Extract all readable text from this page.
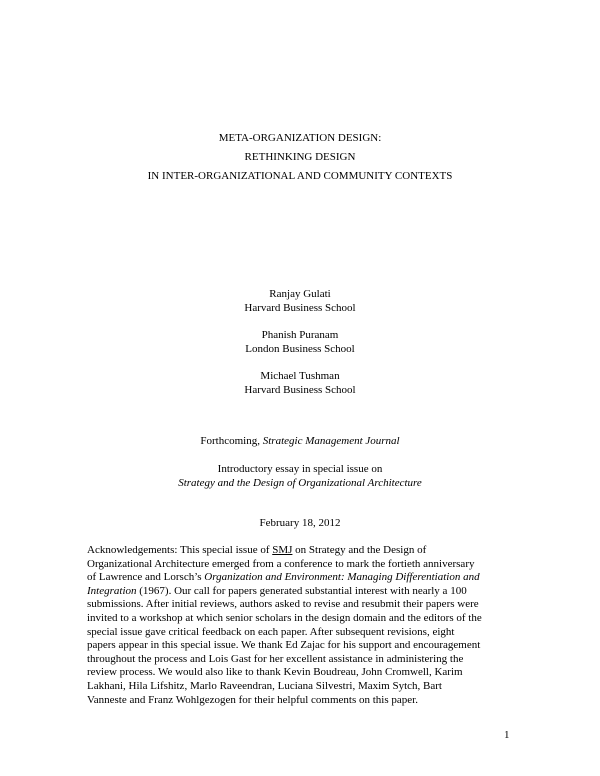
META-ORGANIZATION DESIGN:
RETHINKING DESIGN
IN INTER-ORGANIZATIONAL AND COMMUNITY CONTEXTS
Ranjay Gulati
Harvard Business School
Phanish Puranam
London Business School
Michael Tushman
Harvard Business School
Forthcoming, Strategic Management Journal
Introductory essay in special issue on
Strategy and the Design of Organizational Architecture
February 18, 2012
Acknowledgements: This special issue of SMJ on Strategy and the Design of
Organizational Architecture emerged from a conference to mark the fortieth anniversary
of Lawrence and Lorsch’s Organization and Environment: Managing Differentiation and
Integration (1967). Our call for papers generated substantial interest with nearly a 100
submissions. After initial reviews, authors asked to revise and resubmit their papers were
invited to a workshop at which senior scholars in the design domain and the editors of the
special issue gave critical feedback on each paper. After subsequent revisions, eight
papers appear in this special issue. We thank Ed Zajac for his support and encouragement
throughout the process and Lois Gast for her excellent assistance in administering the
review process. We would also like to thank Kevin Boudreau, John Cromwell, Karim
Lakhani, Hila Lifshitz, Marlo Raveendran, Luciana Silvestri, Maxim Sytch, Bart
Vanneste and Franz Wohlgezogen for their helpful comments on this paper.
1
